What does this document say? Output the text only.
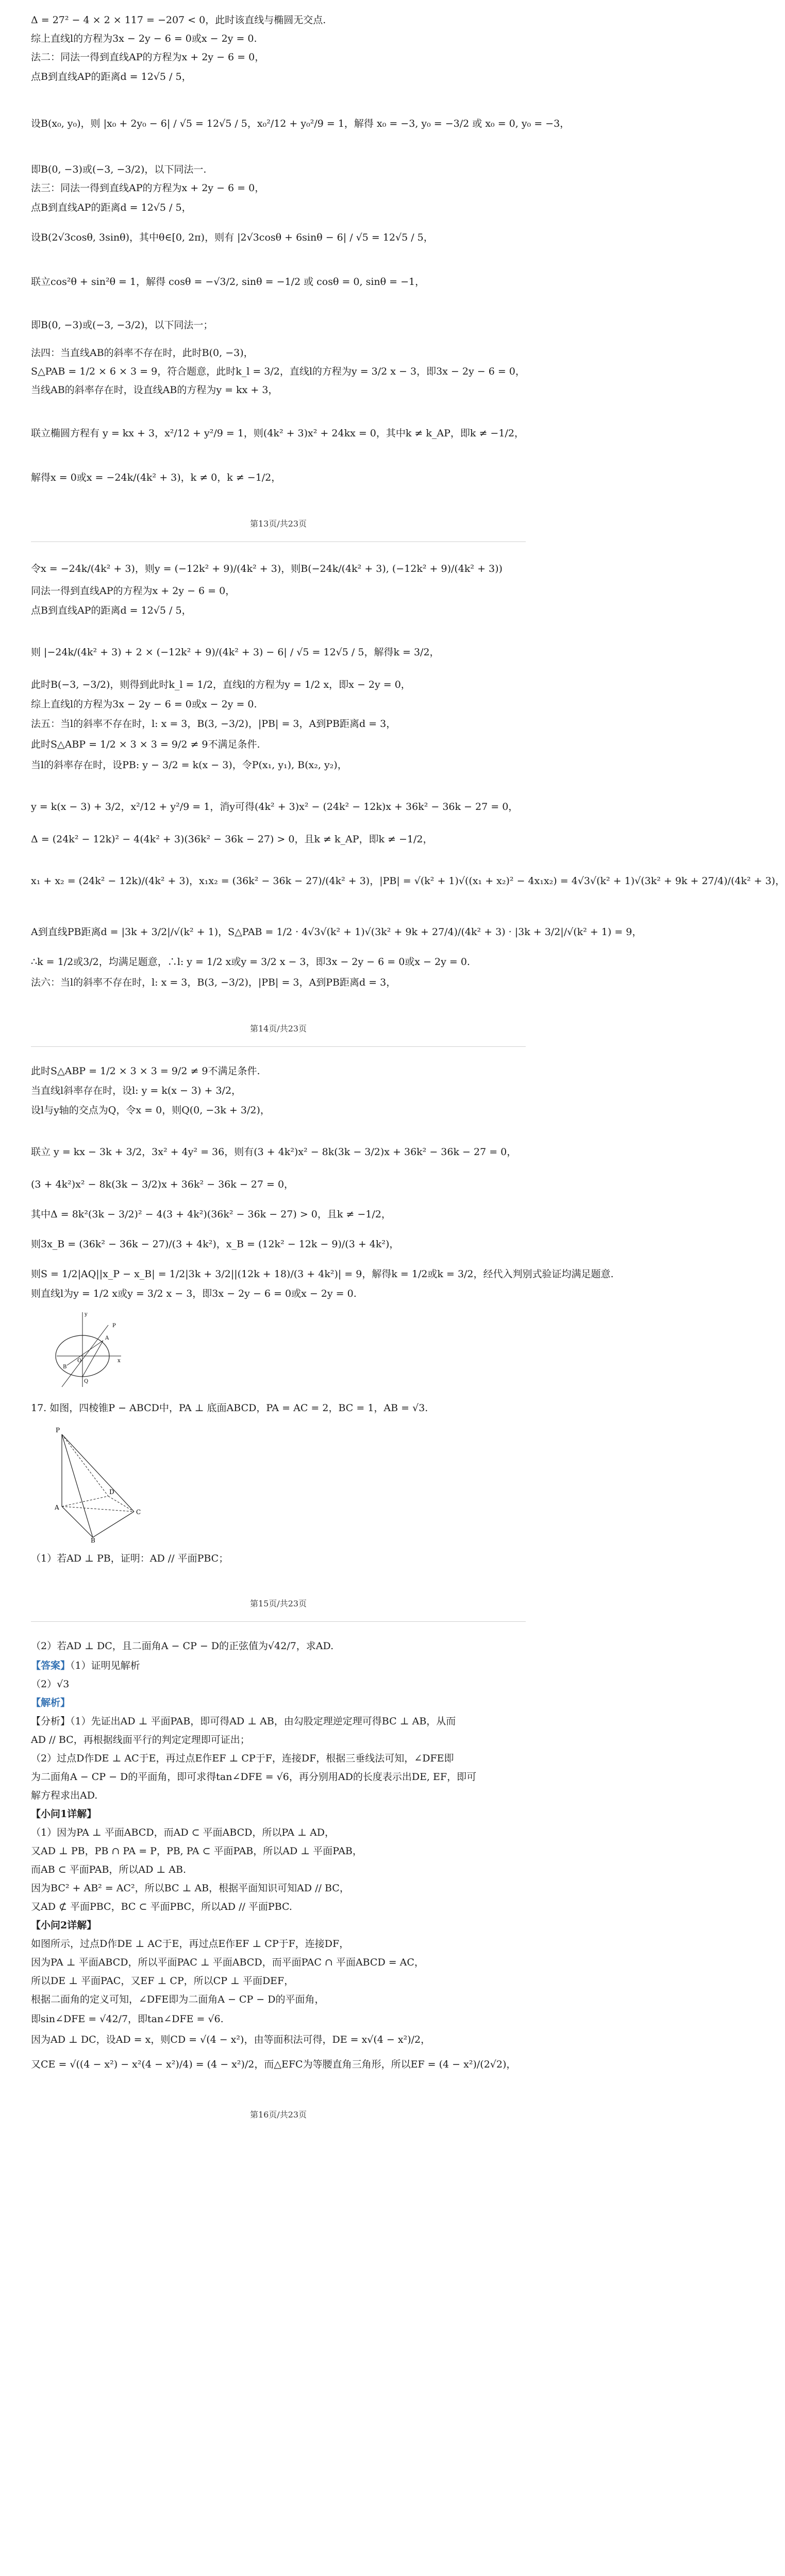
Δ = 27² − 4 × 2 × 117 = −207 < 0，此时该直线与椭圆无交点.
综上直线l的方程为3x − 2y − 6 = 0或x − 2y = 0.
法二：同法一得到直线AP的方程为x + 2y − 6 = 0，
点B到直线AP的距离d = 12√5 / 5，
设B(x₀, y₀)，则 |x₀ + 2y₀ − 6| / √5 = 12√5 / 5，x₀²/12 + y₀²/9 = 1，解得 x₀ = −3, y₀ = −3/2 或 x₀ = 0, y₀ = −3，
即B(0, −3)或(−3, −3/2)，以下同法一.
法三：同法一得到直线AP的方程为x + 2y − 6 = 0，
点B到直线AP的距离d = 12√5 / 5，
设B(2√3cosθ, 3sinθ)，其中θ∈[0, 2π)，则有 |2√3cosθ + 6sinθ − 6| / √5 = 12√5 / 5，
联立cos²θ + sin²θ = 1，解得 cosθ = −√3/2, sinθ = −1/2 或 cosθ = 0, sinθ = −1，
即B(0, −3)或(−3, −3/2)，以下同法一；
法四：当直线AB的斜率不存在时，此时B(0, −3)，
S△PAB = 1/2 × 6 × 3 = 9，符合题意，此时k_l = 3/2，直线l的方程为y = 3/2 x − 3，即3x − 2y − 6 = 0，
当线AB的斜率存在时，设直线AB的方程为y = kx + 3，
联立椭圆方程有 y = kx + 3，x²/12 + y²/9 = 1，则(4k² + 3)x² + 24kx = 0，其中k ≠ k_AP，即k ≠ −1/2，
解得x = 0或x = −24k/(4k² + 3)，k ≠ 0，k ≠ −1/2，
第13页/共23页
令x = −24k/(4k² + 3)，则y = (−12k² + 9)/(4k² + 3)，则B(−24k/(4k² + 3), (−12k² + 9)/(4k² + 3))
同法一得到直线AP的方程为x + 2y − 6 = 0，
点B到直线AP的距离d = 12√5 / 5，
则 |−24k/(4k² + 3) + 2 × (−12k² + 9)/(4k² + 3) − 6| / √5 = 12√5 / 5，解得k = 3/2，
此时B(−3, −3/2)，则得到此时k_l = 1/2，直线l的方程为y = 1/2 x，即x − 2y = 0，
综上直线l的方程为3x − 2y − 6 = 0或x − 2y = 0.
法五：当l的斜率不存在时，l: x = 3，B(3, −3/2)，|PB| = 3，A到PB距离d = 3，
此时S△ABP = 1/2 × 3 × 3 = 9/2 ≠ 9不满足条件.
当l的斜率存在时，设PB: y − 3/2 = k(x − 3)，令P(x₁, y₁), B(x₂, y₂)，
y = k(x − 3) + 3/2，x²/12 + y²/9 = 1，消y可得(4k² + 3)x² − (24k² − 12k)x + 36k² − 36k − 27 = 0，
Δ = (24k² − 12k)² − 4(4k² + 3)(36k² − 36k − 27) > 0，且k ≠ k_AP，即k ≠ −1/2，
x₁ + x₂ = (24k² − 12k)/(4k² + 3)，x₁x₂ = (36k² − 36k − 27)/(4k² + 3)，|PB| = √(k² + 1)√((x₁ + x₂)² − 4x₁x₂) = 4√3√(k² + 1)√(3k² + 9k + 27/4)/(4k² + 3)，
A到直线PB距离d = |3k + 3/2|/√(k² + 1)，S△PAB = 1/2 · 4√3√(k² + 1)√(3k² + 9k + 27/4)/(4k² + 3) · |3k + 3/2|/√(k² + 1) = 9，
∴k = 1/2或3/2，均满足题意，∴l: y = 1/2 x或y = 3/2 x − 3，即3x − 2y − 6 = 0或x − 2y = 0.
法六：当l的斜率不存在时，l: x = 3，B(3, −3/2)，|PB| = 3，A到PB距离d = 3，
第14页/共23页
此时S△ABP = 1/2 × 3 × 3 = 9/2 ≠ 9不满足条件.
当直线l斜率存在时，设l: y = k(x − 3) + 3/2，
设l与y轴的交点为Q，令x = 0，则Q(0, −3k + 3/2)，
联立 y = kx − 3k + 3/2，3x² + 4y² = 36，则有(3 + 4k²)x² − 8k(3k − 3/2)x + 36k² − 36k − 27 = 0，
(3 + 4k²)x² − 8k(3k − 3/2)x + 36k² − 36k − 27 = 0，
其中Δ = 8k²(3k − 3/2)² − 4(3 + 4k²)(36k² − 36k − 27) > 0，且k ≠ −1/2，
则3x_B = (36k² − 36k − 27)/(3 + 4k²)，x_B = (12k² − 12k − 9)/(3 + 4k²)，
则S = 1/2|AQ||x_P − x_B| = 1/2|3k + 3/2||(12k + 18)/(3 + 4k²)| = 9，解得k = 1/2或k = 3/2，经代入判别式验证均满足题意.
则直线l为y = 1/2 x或y = 3/2 x − 3，即3x − 2y − 6 = 0或x − 2y = 0.
P
A
B
Q
O	x
y
17. 如图，四棱锥P − ABCD中，PA ⊥ 底面ABCD，PA = AC = 2，BC = 1，AB = √3.
P
A
B
C
D
（1）若AD ⊥ PB，证明：AD // 平面PBC；
第15页/共23页
（2）若AD ⊥ DC，且二面角A − CP − D的正弦值为√42/7，求AD.
【答案】（1）证明见解析
（2）√3
【解析】
【分析】（1）先证出AD ⊥ 平面PAB，即可得AD ⊥ AB，由勾股定理逆定理可得BC ⊥ AB，从而
AD // BC，再根据线面平行的判定定理即可证出；
（2）过点D作DE ⊥ AC于E，再过点E作EF ⊥ CP于F，连接DF，根据三垂线法可知，∠DFE即
为二面角A − CP − D的平面角，即可求得tan∠DFE = √6，再分别用AD的长度表示出DE, EF，即可
解方程求出AD.
【小问1详解】
（1）因为PA ⊥ 平面ABCD，而AD ⊂ 平面ABCD，所以PA ⊥ AD，
又AD ⊥ PB，PB ∩ PA = P，PB, PA ⊂ 平面PAB，所以AD ⊥ 平面PAB，
而AB ⊂ 平面PAB，所以AD ⊥ AB.
因为BC² + AB² = AC²，所以BC ⊥ AB，根据平面知识可知AD // BC，
又AD ⊄ 平面PBC，BC ⊂ 平面PBC，所以AD // 平面PBC.
【小问2详解】
如图所示，过点D作DE ⊥ AC于E，再过点E作EF ⊥ CP于F，连接DF，
因为PA ⊥ 平面ABCD，所以平面PAC ⊥ 平面ABCD，而平面PAC ∩ 平面ABCD = AC，
所以DE ⊥ 平面PAC，又EF ⊥ CP，所以CP ⊥ 平面DEF，
根据二面角的定义可知，∠DFE即为二面角A − CP − D的平面角，
即sin∠DFE = √42/7，即tan∠DFE = √6.
因为AD ⊥ DC，设AD = x，则CD = √(4 − x²)，由等面积法可得，DE = x√(4 − x²)/2，
又CE = √((4 − x²) − x²(4 − x²)/4) = (4 − x²)/2，而△EFC为等腰直角三角形，所以EF = (4 − x²)/(2√2)，
第16页/共23页
